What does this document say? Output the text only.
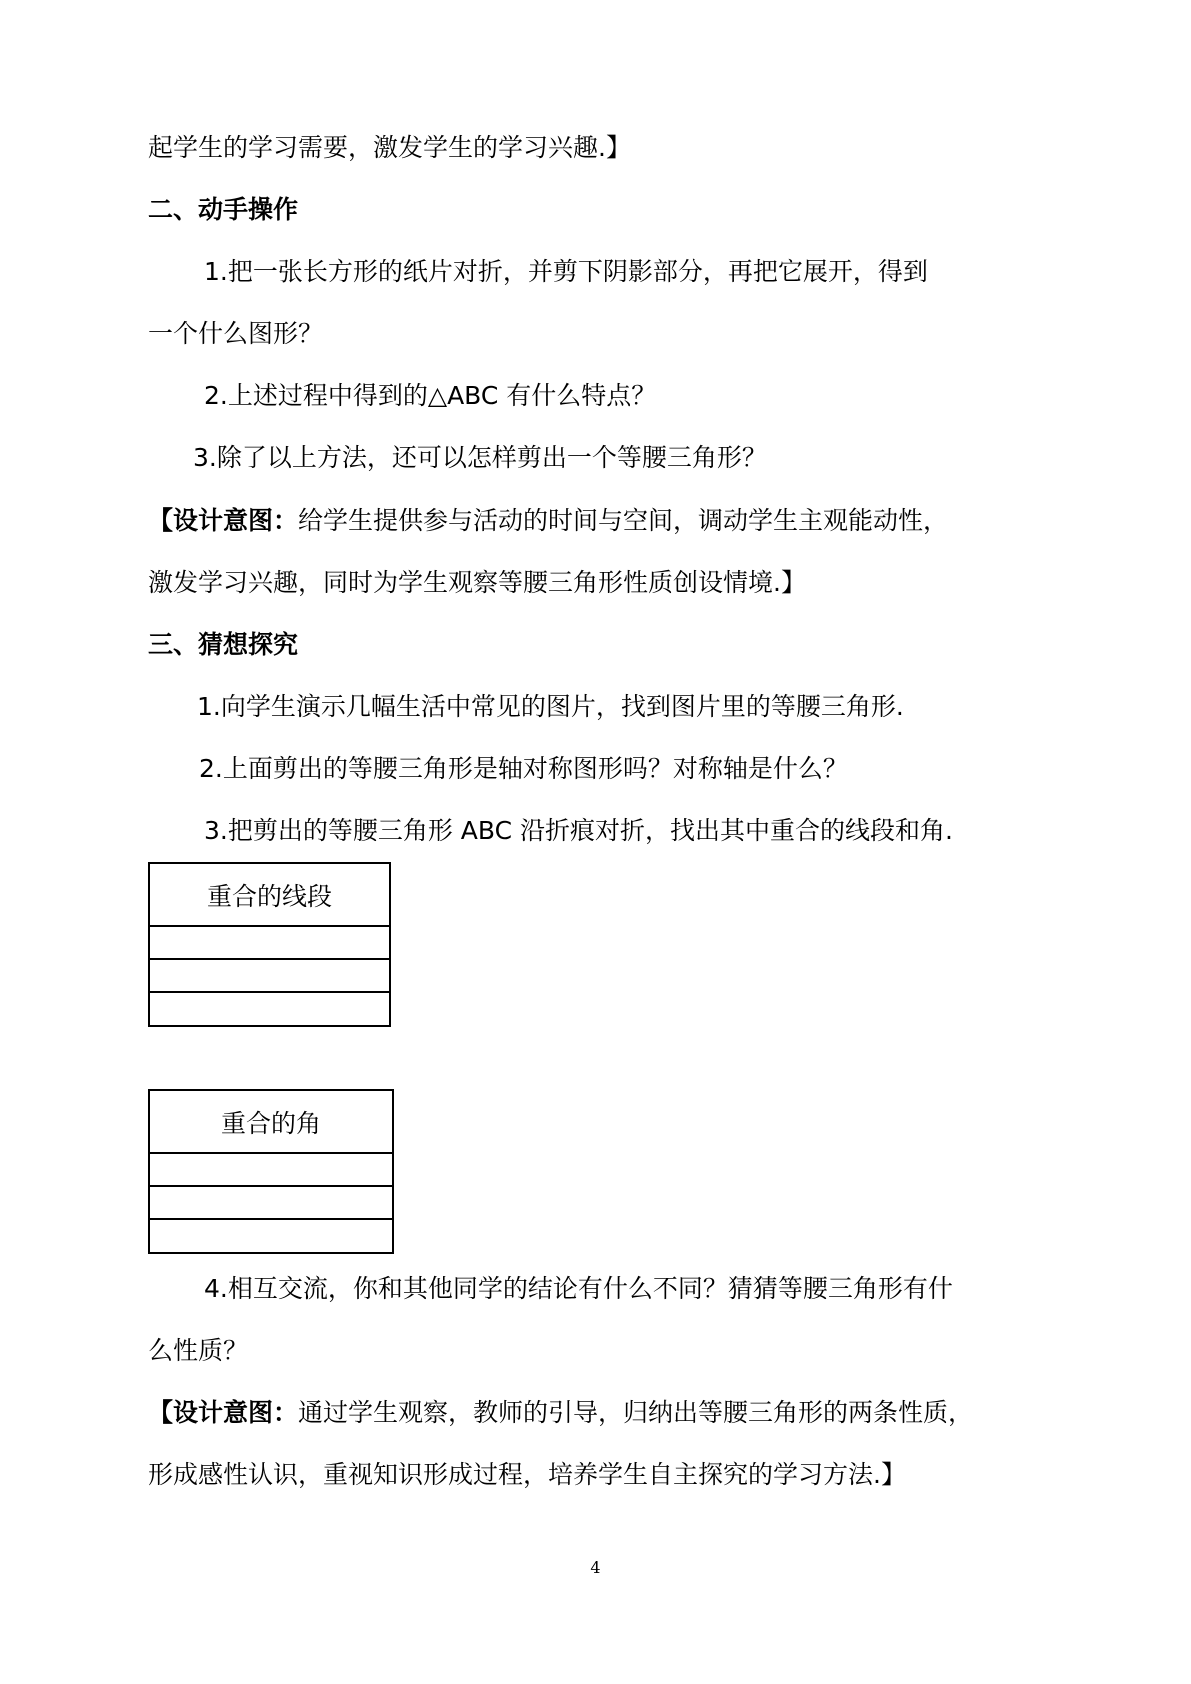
起学生的学习需要，激发学生的学习兴趣.】
二、动手操作
1.把一张长方形的纸片对折，并剪下阴影部分，再把它展开，得到
一个什么图形？
2.上述过程中得到的△ABC 有什么特点？
3.除了以上方法，还可以怎样剪出一个等腰三角形？
【设计意图：给学生提供参与活动的时间与空间，调动学生主观能动性，
激发学习兴趣，同时为学生观察等腰三角形性质创设情境.】
三、猜想探究
1.向学生演示几幅生活中常见的图片，找到图片里的等腰三角形.
2.上面剪出的等腰三角形是轴对称图形吗？对称轴是什么？
3.把剪出的等腰三角形 ABC 沿折痕对折，找出其中重合的线段和角.
重合的线段
重合的角
4.相互交流，你和其他同学的结论有什么不同？猜猜等腰三角形有什
么性质？
【设计意图：通过学生观察，教师的引导，归纳出等腰三角形的两条性质，
形成感性认识，重视知识形成过程，培养学生自主探究的学习方法.】
4
